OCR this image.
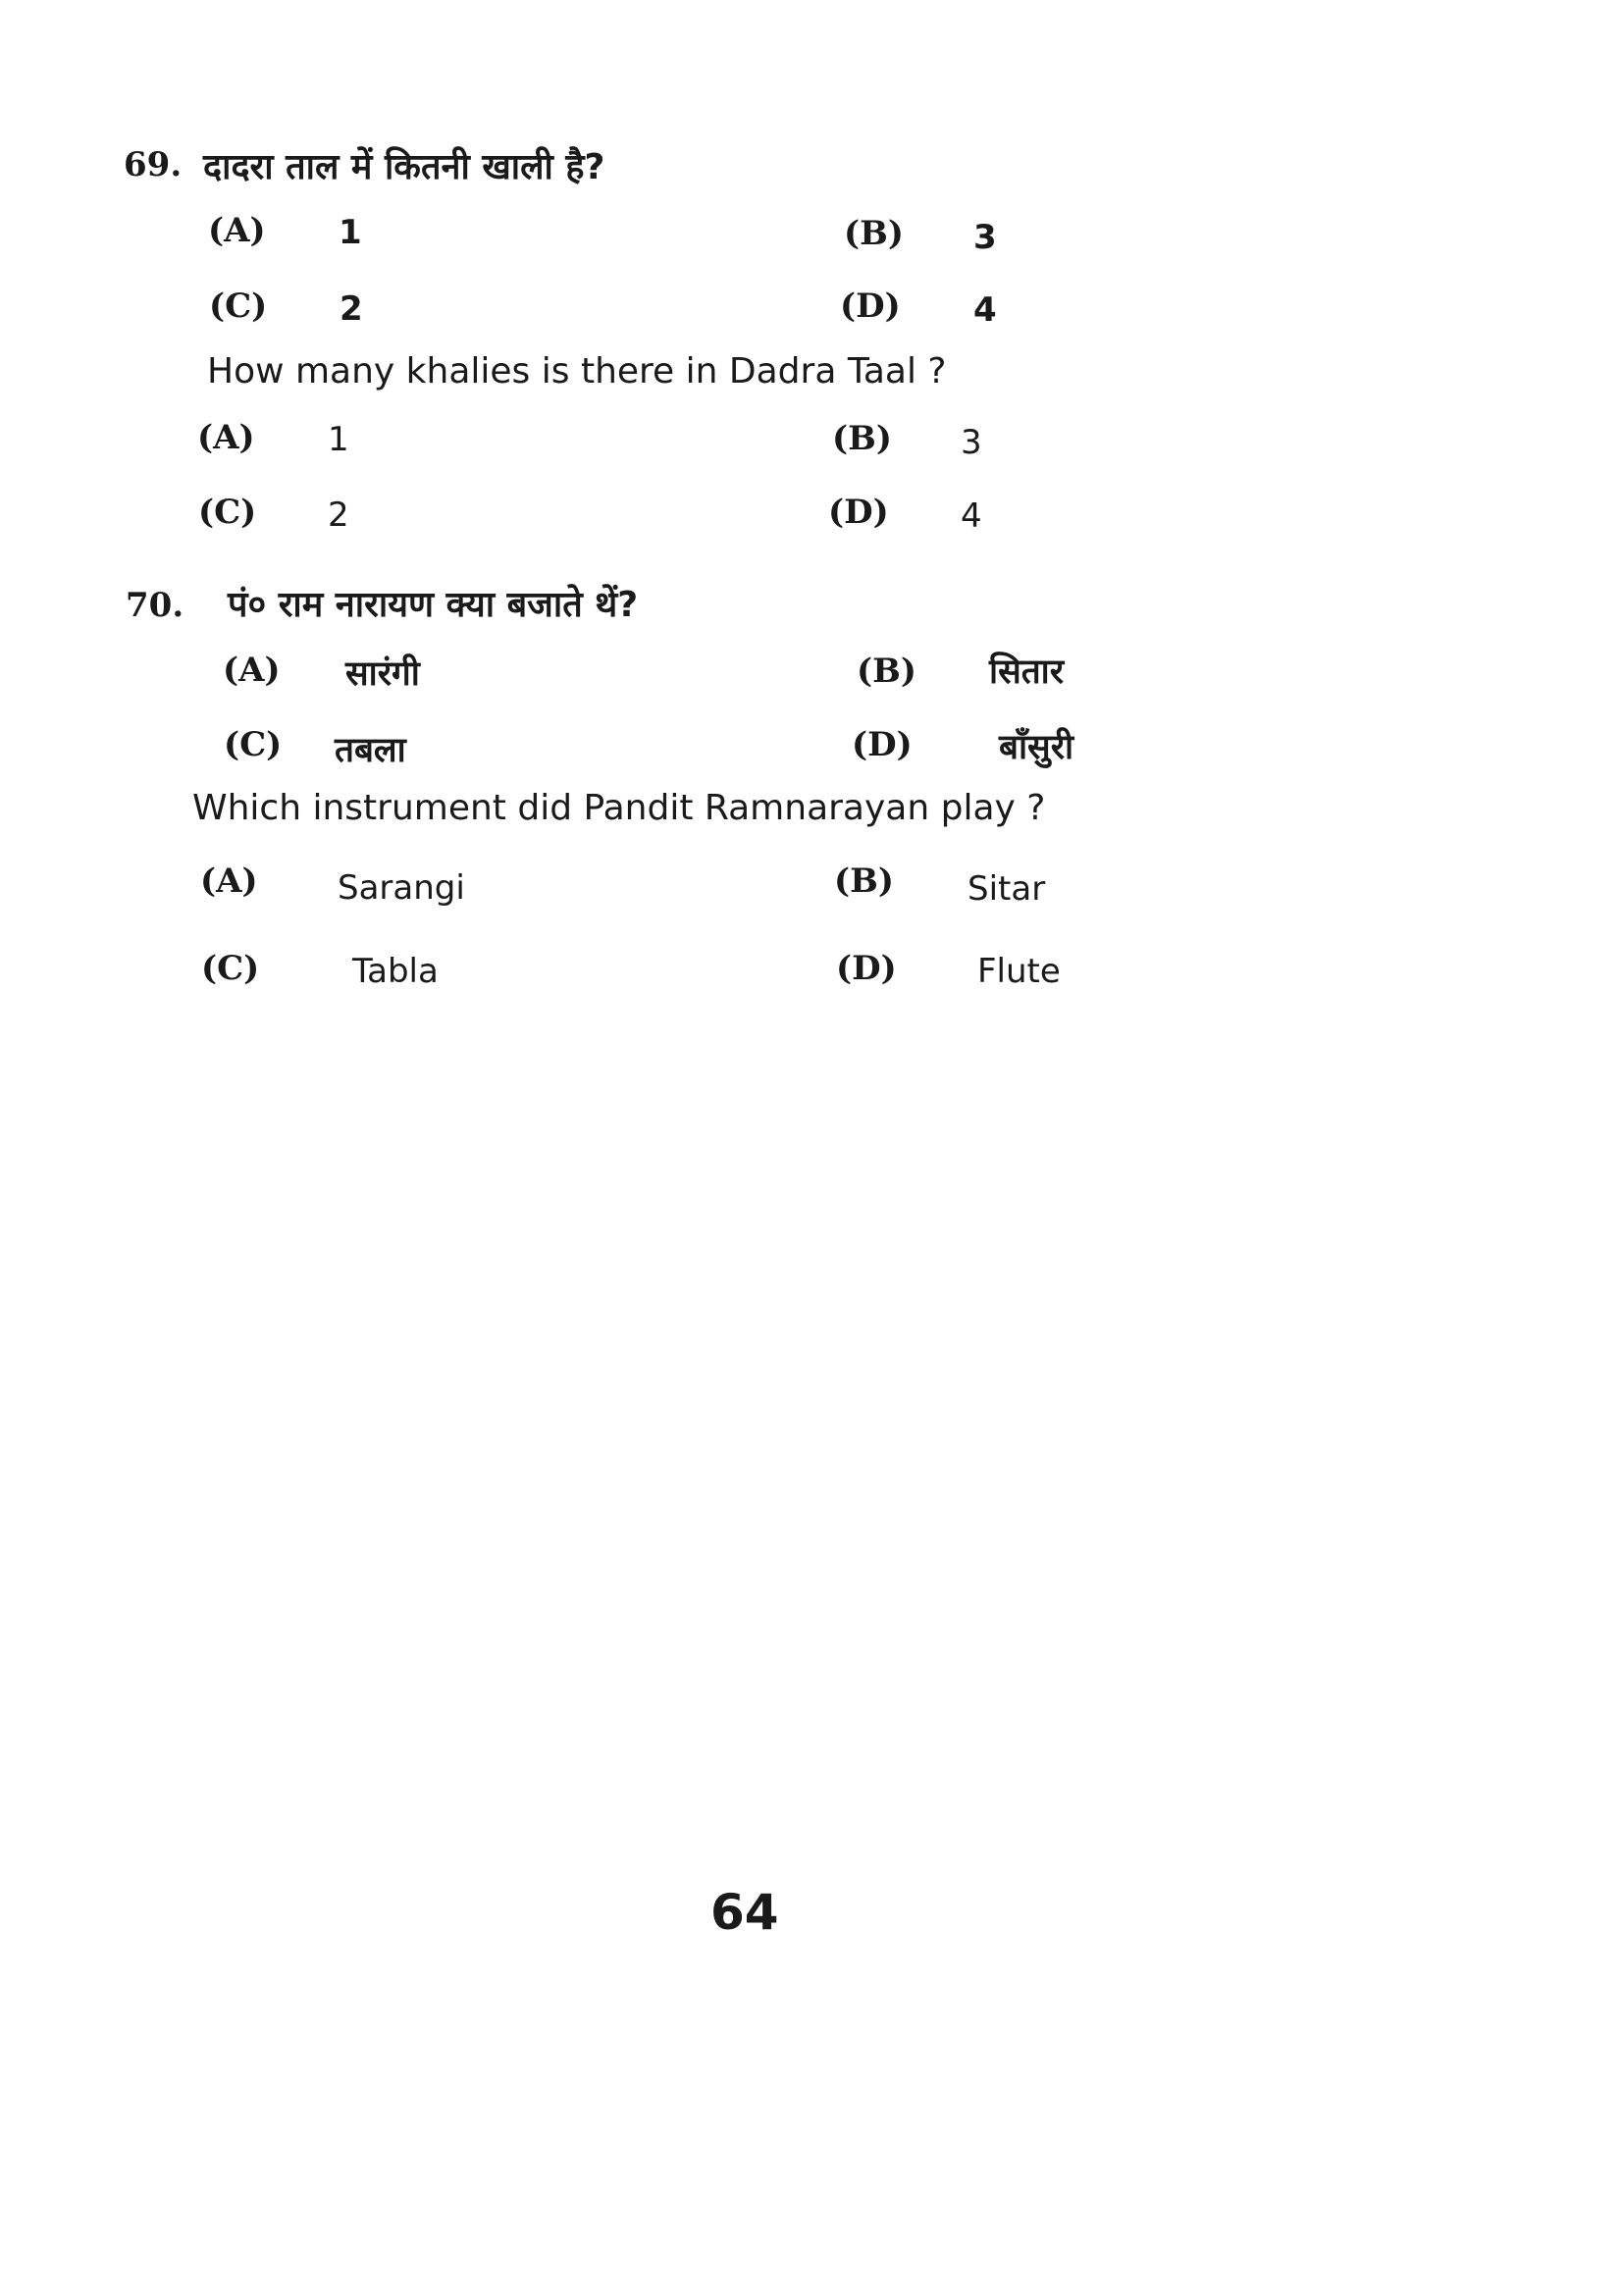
69. दादरा ताल में कितनी खाली है?
(A) 1	(B) 3
(C) 2	(D) 4
How many khalies is there in Dadra Taal ?
(A) 1	(B) 3
(C) 2	(D) 4
70. पं० राम नारायण क्या बजाते थें?
(A) सारंगी	(B) सितार
(C) तबला	(D)	बाँसुरी
Which instrument did Pandit Ramnarayan play ?
(A) Sarangi	(B) Sitar
(C)	Tabla	(D) Flute
64
